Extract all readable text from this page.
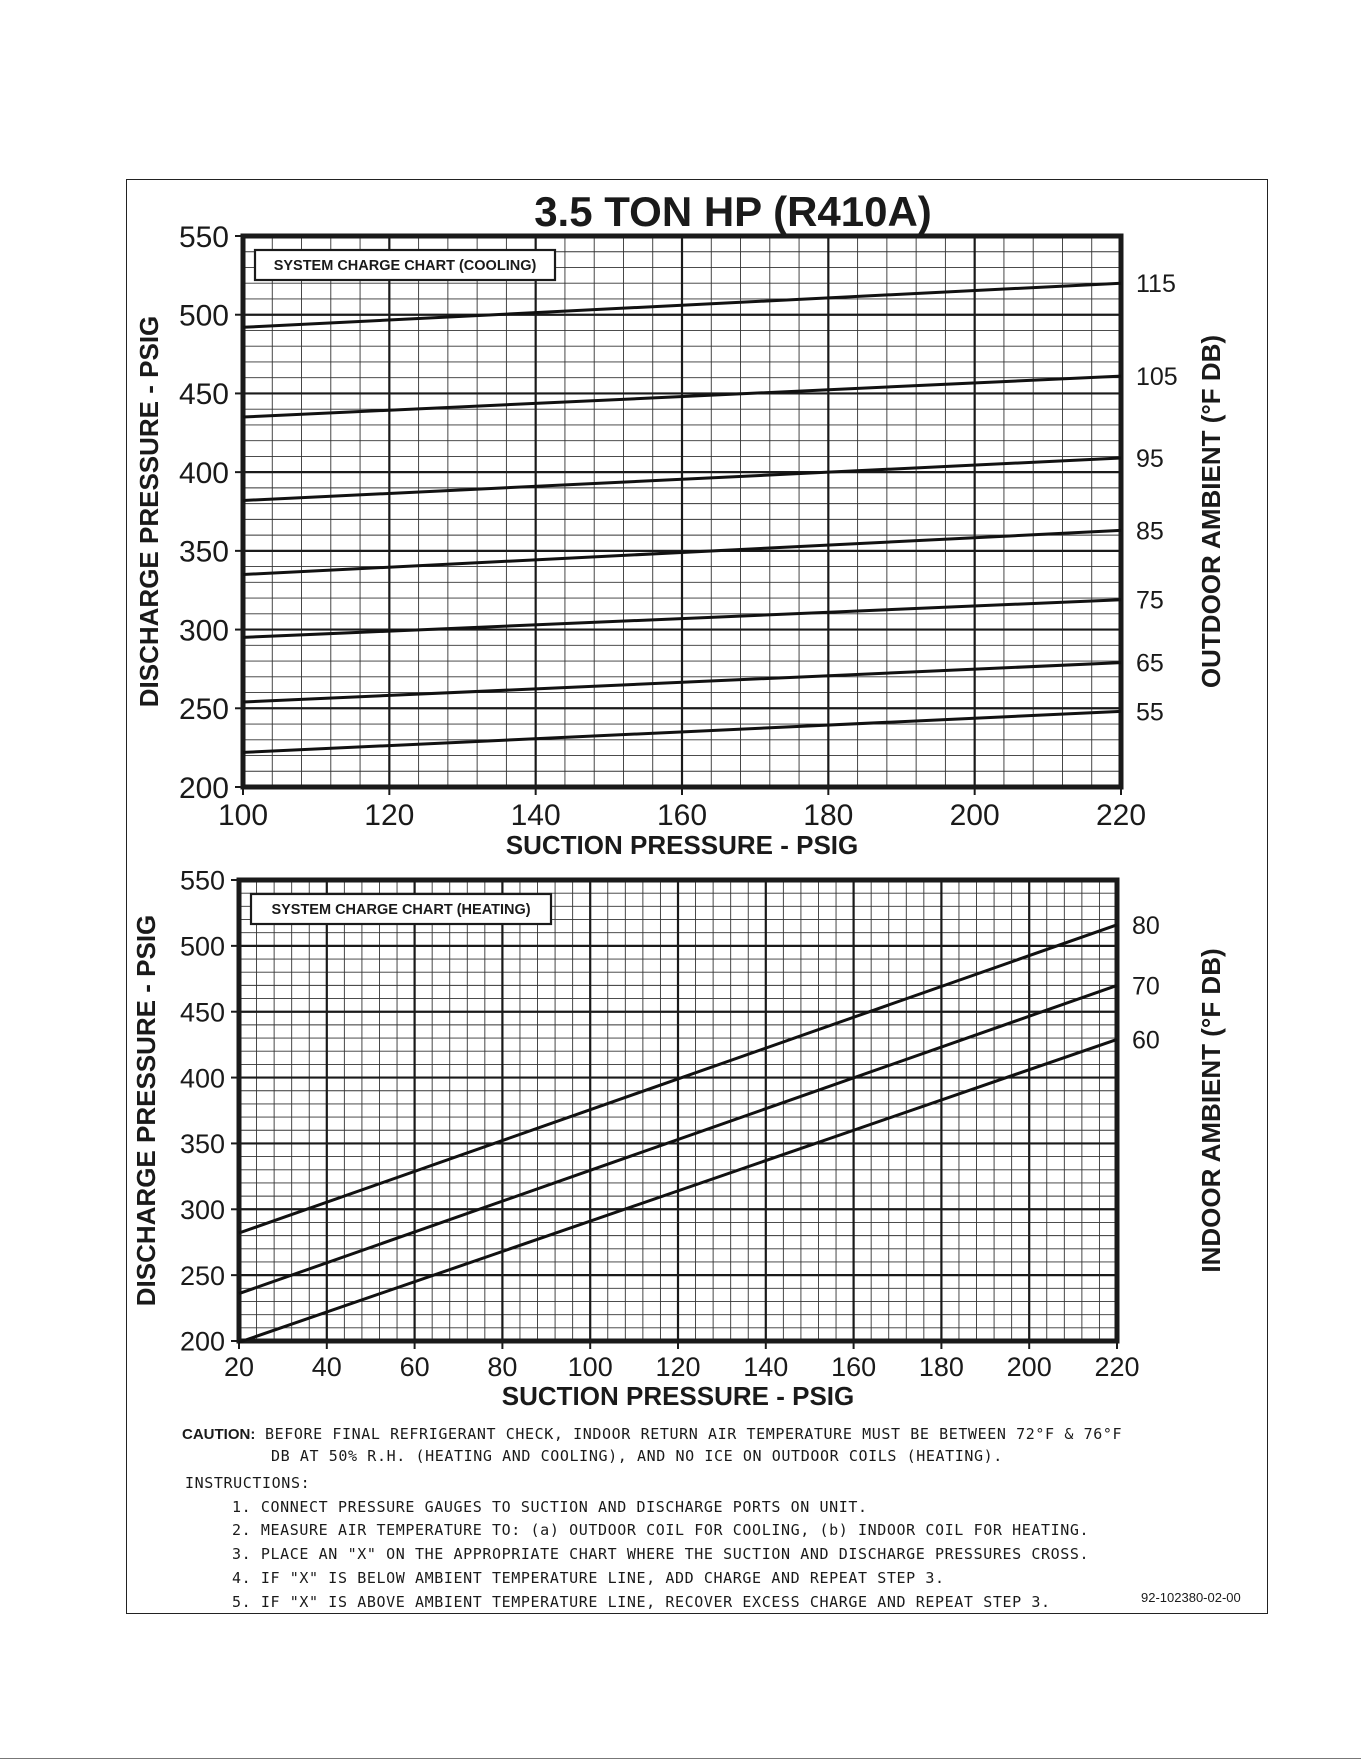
3.5 TON HP (R410A)
100	120	140	160	180	200	220
200
250
300
350
400
450
500
550
SUCTION PRESSURE - PSIG
DISCHARGE PRESSURE - PSIG	OUTDOOR AMBIENT (°F DB)
SYSTEM CHARGE CHART (COOLING)
115
105
95
85
75
65
55
20 40 60 80 100 120 140 160 180 200 220
200
250
300
350
400
450
500
550
SUCTION PRESSURE - PSIG
DISCHARGE PRESSURE - PSIG	INDOOR AMBIENT (°F DB)
SYSTEM CHARGE CHART (HEATING)
80
70
60
CAUTION: BEFORE FINAL REFRIGERANT CHECK, INDOOR RETURN AIR TEMPERATURE MUST BE BETWEEN 72°F & 76°F
DB AT 50% R.H. (HEATING AND COOLING), AND NO ICE ON OUTDOOR COILS (HEATING).
INSTRUCTIONS:
1. CONNECT PRESSURE GAUGES TO SUCTION AND DISCHARGE PORTS ON UNIT.
2. MEASURE AIR TEMPERATURE TO: (a) OUTDOOR COIL FOR COOLING, (b) INDOOR COIL FOR HEATING.
3. PLACE AN "X" ON THE APPROPRIATE CHART WHERE THE SUCTION AND DISCHARGE PRESSURES CROSS.
4. IF "X" IS BELOW AMBIENT TEMPERATURE LINE, ADD CHARGE AND REPEAT STEP 3.
5. IF "X" IS ABOVE AMBIENT TEMPERATURE LINE, RECOVER EXCESS CHARGE AND REPEAT STEP 3.	92-102380-02-00
